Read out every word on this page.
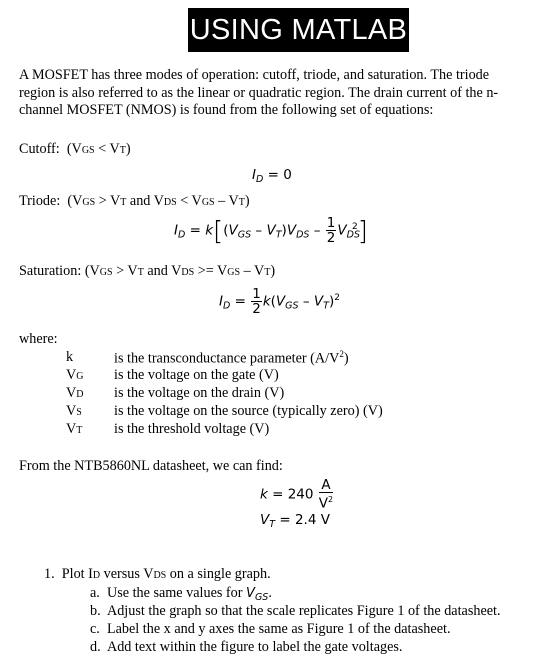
USING MATLAB
A MOSFET has three modes of operation: cutoff, triode, and saturation. The triode
region is also referred to as the linear or quadratic region. The drain current of the n-
channel MOSFET (NMOS) is found from the following set of equations:
Cutoff:  (VGS < VT)
$I_D = 0$
Triode:  (VGS > VT and VDS < VGS – VT)
$I_D = k[(V_{GS} - V_T)V_{DS} - \frac{1}{2} V_{DS}^2]$
Saturation: (VGS > VT and VDS >= VGS – VT)
$I_D = \frac{1}{2} k(V_{GS} - V_T)^2$
where:
k	is the transconductance parameter $(A/V^2)$
VG	is the voltage on the gate (V)
VD	is the voltage on the drain (V)
VS	is the voltage on the source (typically zero) (V)
VT	is the threshold voltage (V)
From the NTB5860NL datasheet, we can find:
$k = 240 \frac{A}{V^2}$
$V_T = 2.4$ V
1.  Plot ID versus VDS on a single graph.
a.  Use the same values for $V_{GS}$.
b. Adjust the graph so that the scale replicates Figure 1 of the datasheet.
c. Label the x and y axes the same as Figure 1 of the datasheet.
d. Add text within the figure to label the gate voltages.
